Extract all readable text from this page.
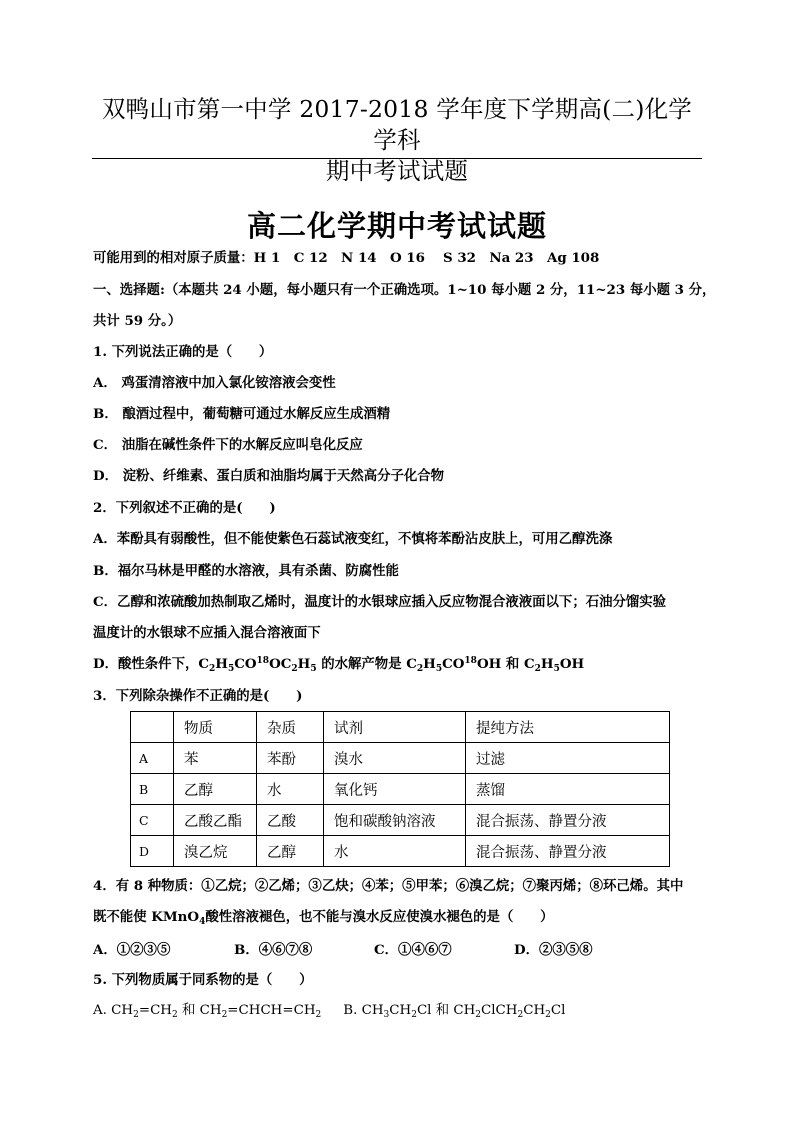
双鸭山市第一中学 2017-2018 学年度下学期高(二)化学学科
期中考试试题
高二化学期中考试试题
可能用到的相对原子质量：H 1　C 12　N 14　O 16　 S 32　Na 23　Ag 108
一、选择题:（本题共 24 小题，每小题只有一个正确选项。1~10 每小题 2 分，11~23 每小题 3 分，
共计 59 分。）
1. 下列说法正确的是（　　）
A． 鸡蛋清溶液中加入氯化铵溶液会变性
B． 酿酒过程中，葡萄糖可通过水解反应生成酒精
C． 油脂在碱性条件下的水解反应叫皂化反应
D． 淀粉、纤维素、蛋白质和油脂均属于天然高分子化合物
2．下列叙述不正确的是(　　)
A．苯酚具有弱酸性，但不能使紫色石蕊试液变红，不慎将苯酚沾皮肤上，可用乙醇洗涤
B．福尔马林是甲醛的水溶液，具有杀菌、防腐性能
C．乙醇和浓硫酸加热制取乙烯时，温度计的水银球应插入反应物混合液液面以下；石油分馏实验
温度计的水银球不应插入混合溶液面下
D．酸性条件下，$C_2H_5CO^{18}OC_2H_5$ 的水解产物是 $C_2H_5CO^{18}OH$ 和 $C_2H_5OH$
3．下列除杂操作不正确的是(　　)
	物质	杂质	试剂	提纯方法
A	苯	苯酚	溴水	过滤
B	乙醇	水	氧化钙	蒸馏
C	乙酸乙酯	乙酸	饱和碳酸钠溶液	混合振荡、静置分液
D	溴乙烷	乙醇	水	混合振荡、静置分液
4．有 8 种物质：①乙烷；②乙烯；③乙炔；④苯；⑤甲苯；⑥溴乙烷；⑦聚丙烯；⑧环己烯。其中
既不能使 KMnO$_4$酸性溶液褪色，也不能与溴水反应使溴水褪色的是（　　）
A．①②③⑤	B．④⑥⑦⑧	C．①④⑥⑦	D．②③⑤⑧
5. 下列物质属于同系物的是（　　）
A. $CH_2=CH_2$ 和 $CH_2=CHCH=CH_2$ B. $CH_3CH_2Cl$ 和 $CH_2ClCH_2CH_2Cl$
